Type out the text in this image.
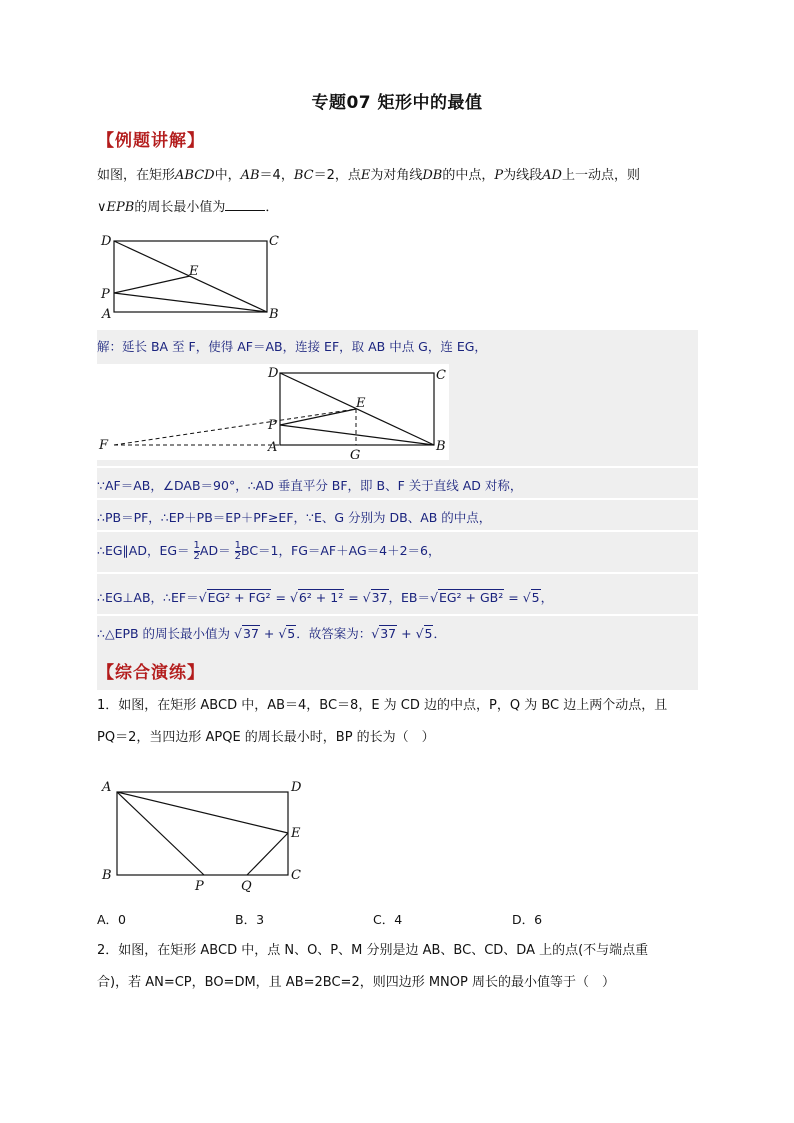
专题07 矩形中的最值
【例题讲解】
如图，在矩形ABCD中，AB＝4，BC＝2，点E为对角线DB的中点，P为线段AD上一动点，则
∨EPB的周长最小值为	．
D	C
E
P
A	B
解：延长 BA 至 F，使得 AF＝AB，连接 EF，取 AB 中点 G，连 EG，
D	C
E
P
F	A
G
B
∵AF＝AB，∠DAB＝90°，∴AD 垂直平分 BF，即 B、F 关于直线 AD 对称，
∴PB＝PF，∴EP＋PB＝EP＋PF≥EF，∵E、G 分别为 DB、AB 的中点，
∴EG∥AD，$EG= \frac{1}{2} AD= \frac{1}{2} BC=1$，FG＝AF＋AG＝4＋2＝6，
∴EG⊥AB，∴EF＝√EG² + FG² = √6² + 1² = √37，EB＝√EG² + GB² = √5，
∴△EPB 的周长最小值为 √37 + √5．故答案为：√37 + √5．
【综合演练】
1．如图，在矩形 ABCD 中，AB＝4，BC＝8，E 为 CD 边的中点，P，Q 为 BC 边上两个动点，且
PQ＝2，当四边形 APQE 的周长最小时，BP 的长为（　）
A	D
E
B
P	Q
C
A．0	B．3	C．4	D．6
2．如图，在矩形 ABCD 中，点 N、O、P、M 分别是边 AB、BC、CD、DA 上的点(不与端点重
合)，若 AN=CP，BO=DM，且 AB=2BC=2，则四边形 MNOP 周长的最小值等于（　）
